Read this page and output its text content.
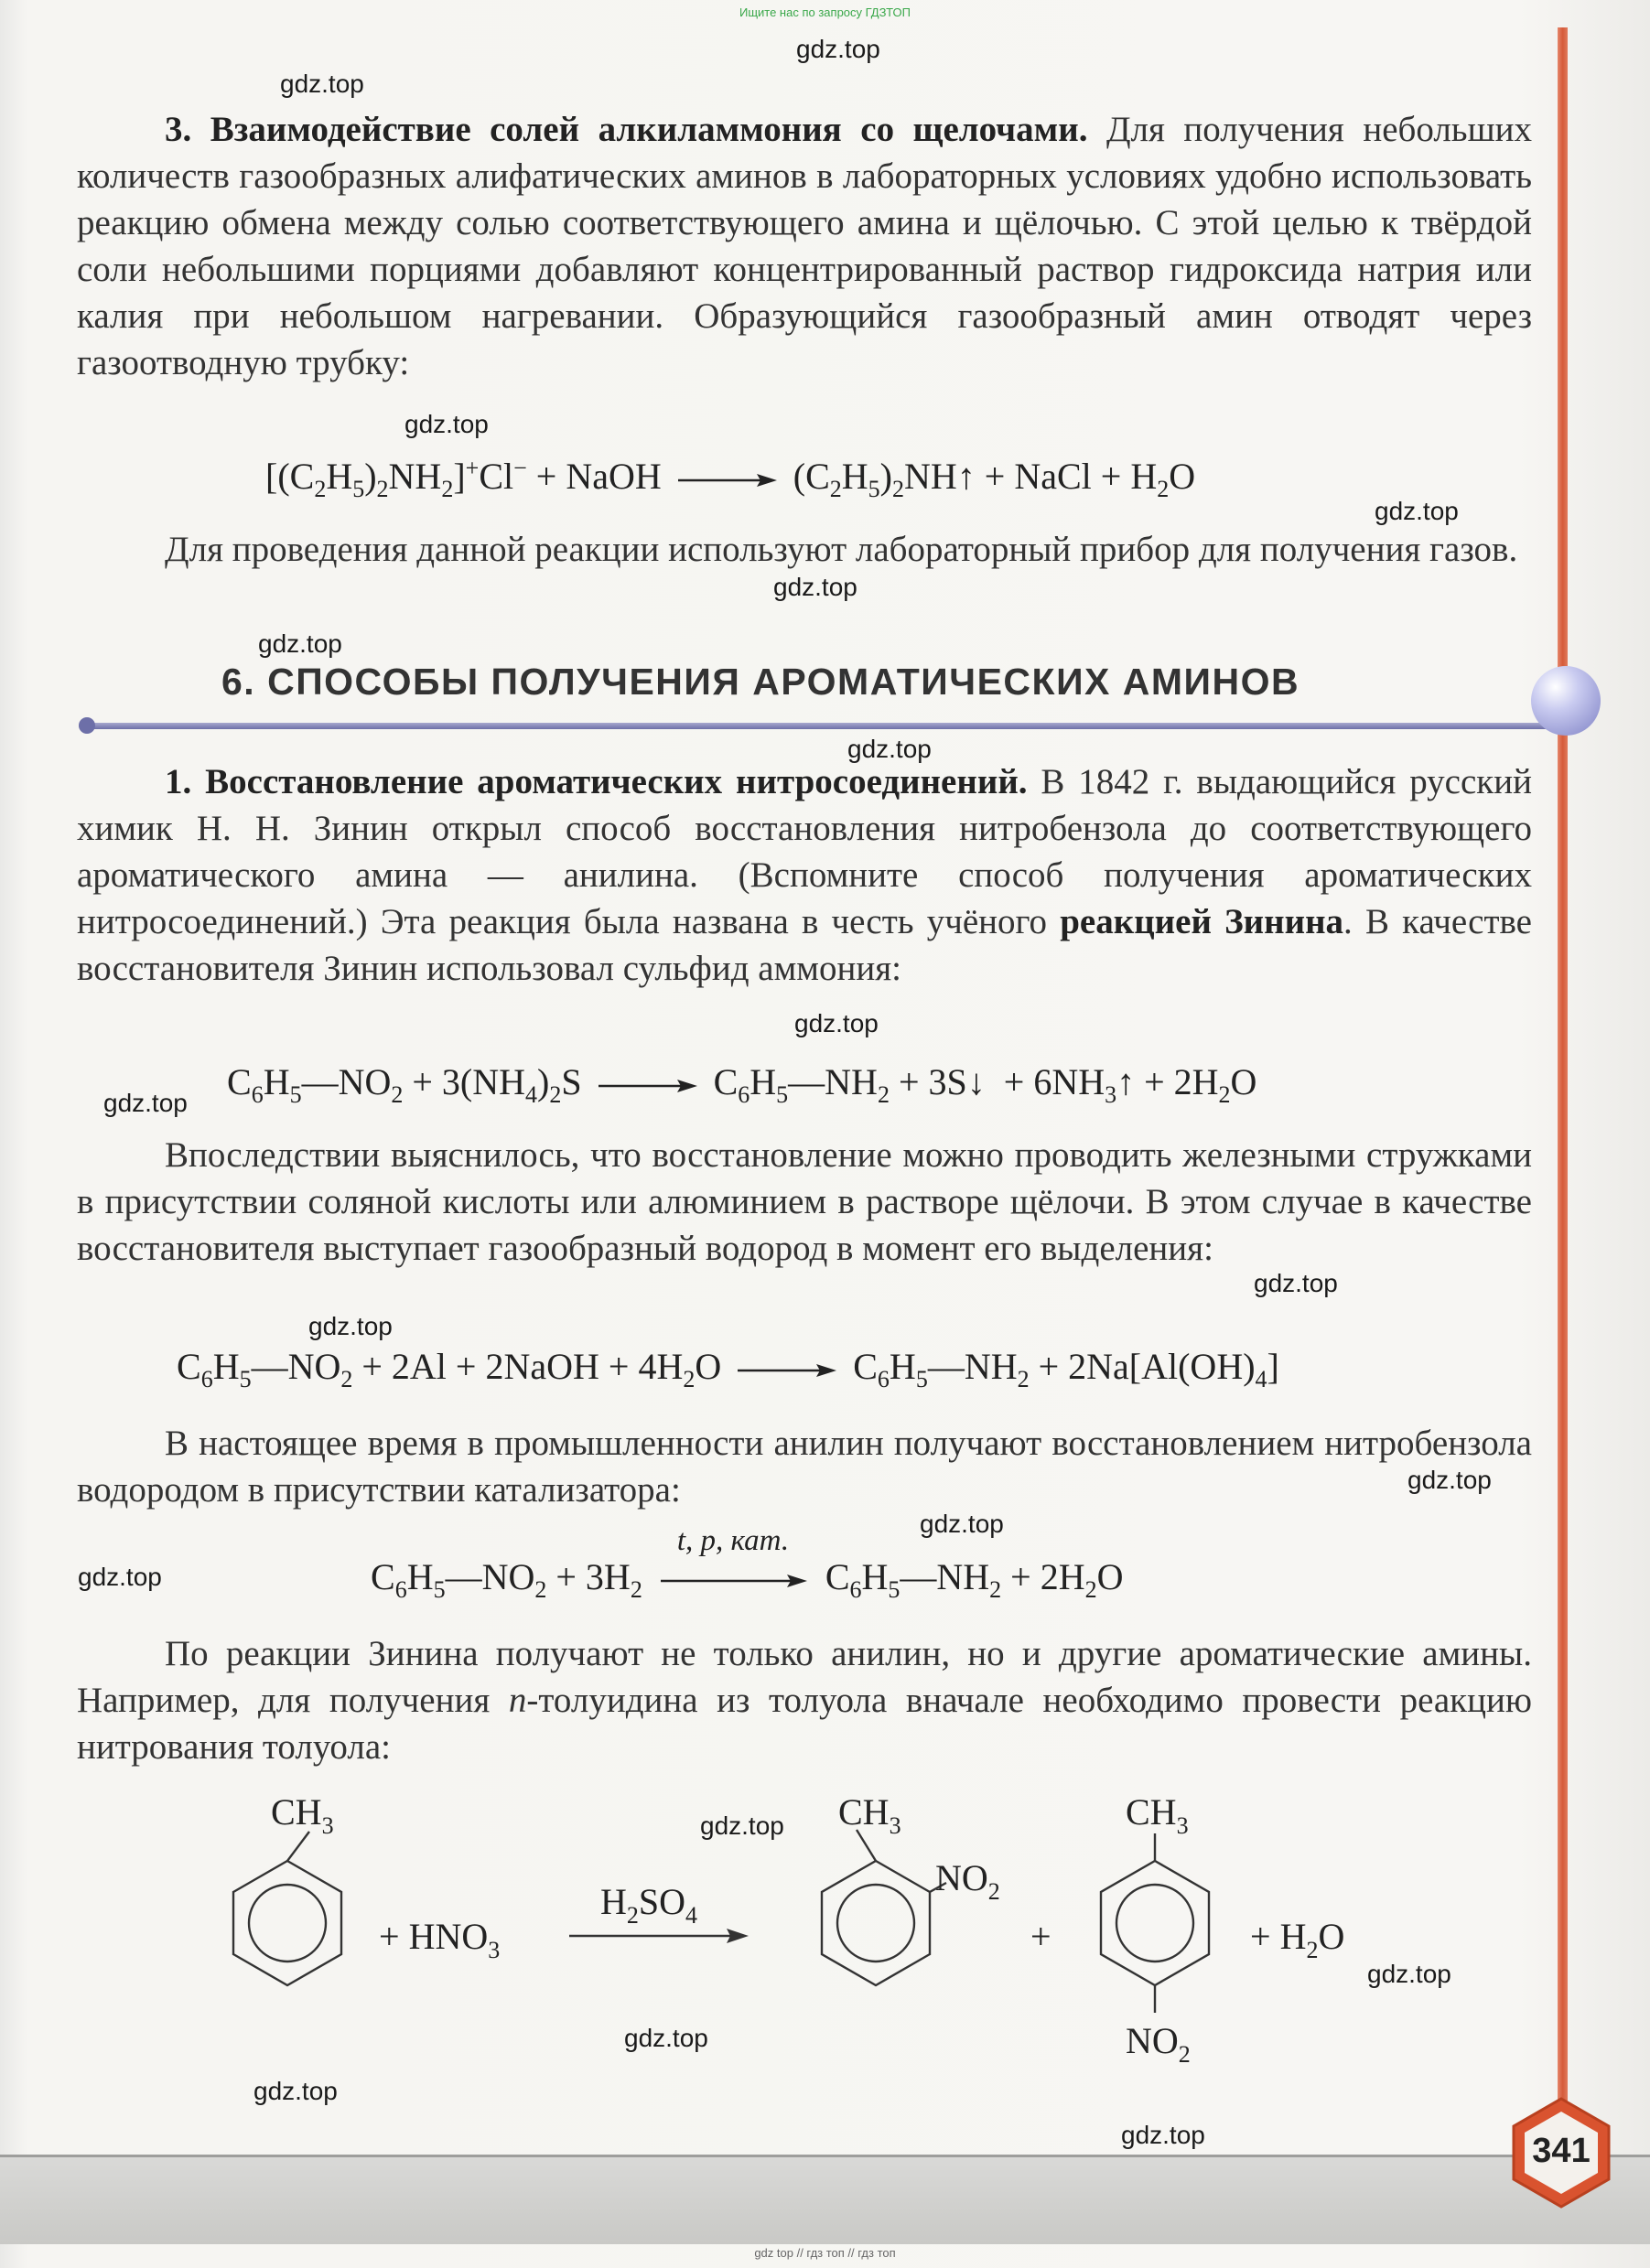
Ищите нас по запросу ГДЗТОП
gdz.top
gdz.top
gdz.top
gdz.top
gdz.top
gdz.top
gdz.top
gdz.top
gdz.top
gdz.top
gdz.top
gdz.top
gdz.top
gdz.top
gdz.top
gdz.top
gdz.top
gdz.top
gdz.top
3. Взаимодействие солей алкиламмония со щелочами. Для получения небольших количеств газообразных алифатических аминов в лабораторных условиях удобно использовать реакцию обмена между солью соответствующего амина и щёлочью. С этой целью к твёрдой соли небольшими порциями добавляют концентрированный раствор гидроксида натрия или калия при небольшом нагревании. Образующийся газообразный амин отводят через газоотводную трубку:
$[(C_2H_5)_2NH_2]^+Cl^-$ + NaOH → $(C_2H_5)_2NH↑$ + NaCl + $H_2O$
Для проведения данной реакции используют лабораторный прибор для получения газов.
6. СПОСОБЫ ПОЛУЧЕНИЯ АРОМАТИЧЕСКИХ АМИНОВ
1. Восстановление ароматических нитросоединений. В 1842 г. выдающийся русский химик Н. Н. Зинин открыл способ восстановления нитробензола до соответствующего ароматического амина — анилина. (Вспомните способ получения ароматических нитросоединений.) Эта реакция была названа в честь учёного реакцией Зинина. В качестве восстановителя Зинин использовал сульфид аммония:
$C_6H_5—NO_2 + 3(NH_4)_2S$ → $C_6H_5—NH_2$ + 3S↓  + $6NH_3↑ + 2H_2O$
Впоследствии выяснилось, что восстановление можно проводить железными стружками в присутствии соляной кислоты или алюминием в растворе щёлочи. В этом случае в качестве восстановителя выступает газообразный водород в момент его выделения:
$C_6H_5—NO_2 + 2Al$ + 2NaOH + $4H_2O$ → $C_6H_5—NH_2 + 2Na[Al(OH)_4]$
В настоящее время в промышленности анилин получают восстановлением нитробензола водородом в присутствии катализатора:
$C_6H_5—NO_2 + 3H_2$
t, p, кат.
$C_6H_5—NH_2 + 2H_2O$
По реакции Зинина получают не только анилин, но и другие ароматические амины. Например, для получения п-толуидина из толуола вначале необходимо провести реакцию нитрования толуола:
$CH_3$
+ $HNO_3$
$H_2SO_4$
$CH_3$
$NO_2$
+
$CH_3$
$NO_2$
+ $H_2O$
341
gdz top // гдз топ // гдз топ
